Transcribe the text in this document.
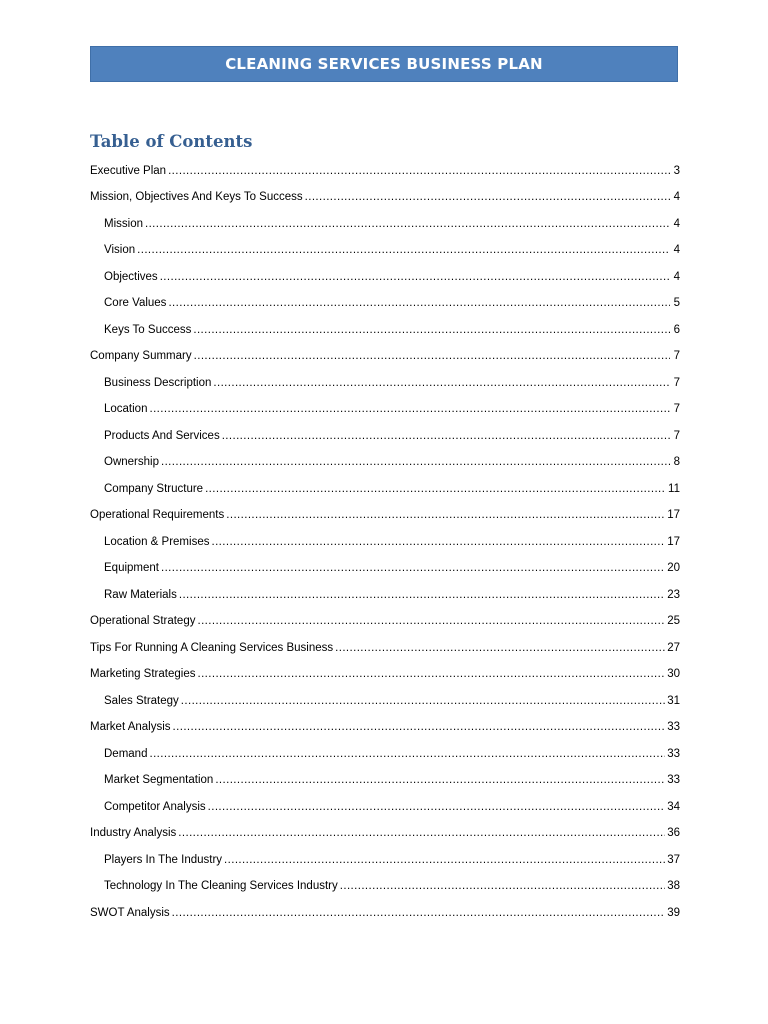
CLEANING SERVICES BUSINESS PLAN
Table of Contents
Executive Plan .....	3
Mission, Objectives And Keys To Success .....	4
Mission .....	4
Vision .....	4
Objectives .....	4
Core Values .....	5
Keys To Success .....	6
Company Summary .....	7
Business Description .....	7
Location .....	7
Products And Services .....	7
Ownership .....	8
Company Structure .....	11
Operational Requirements .....	17
Location & Premises .....	17
Equipment .....	20
Raw Materials .....	23
Operational Strategy .....	25
Tips For Running A Cleaning Services Business .....	27
Marketing Strategies .....	30
Sales Strategy .....	31
Market Analysis .....	33
Demand .....	33
Market Segmentation .....	33
Competitor Analysis .....	34
Industry Analysis .....	36
Players In The Industry .....	37
Technology In The Cleaning Services Industry .....	38
SWOT Analysis .....	39
